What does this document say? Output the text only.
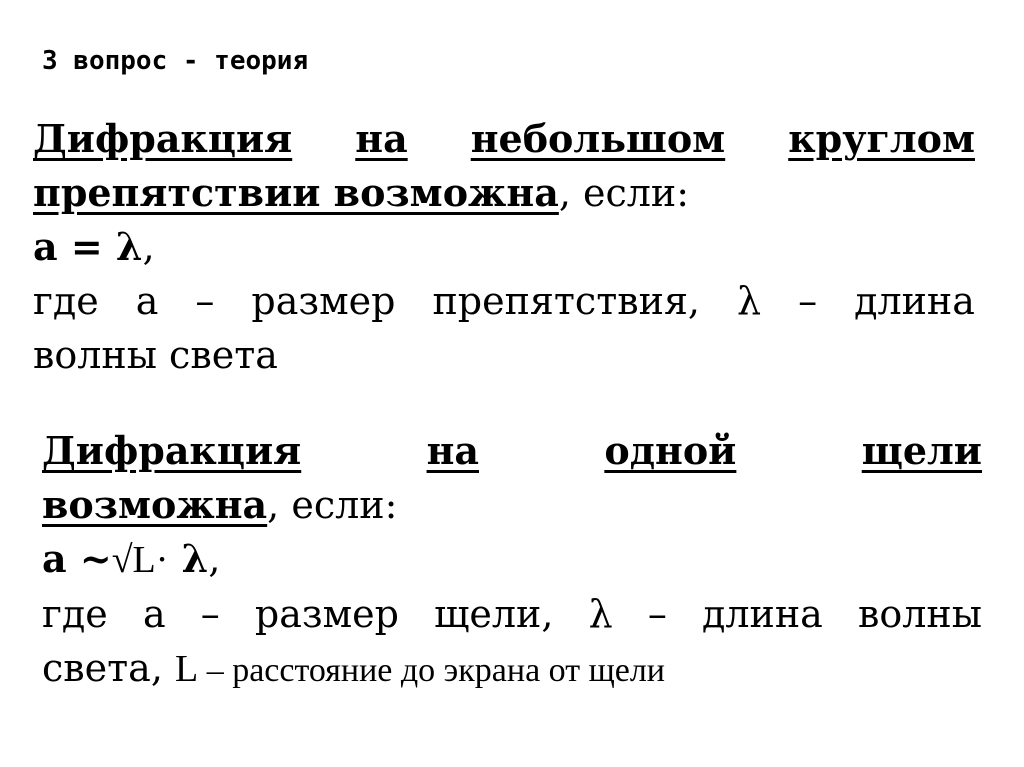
3 вопрос - теория
Дифракция на небольшом круглом
препятствии возможна, если:
a = λ,
где а – размер препятствия, λ – длина
волны света
Дифракция	на	одной	щели
возможна, если:
a ~√L· λ,
где а – размер щели, λ – длина волны
света, L – расстояние до экрана от щели
